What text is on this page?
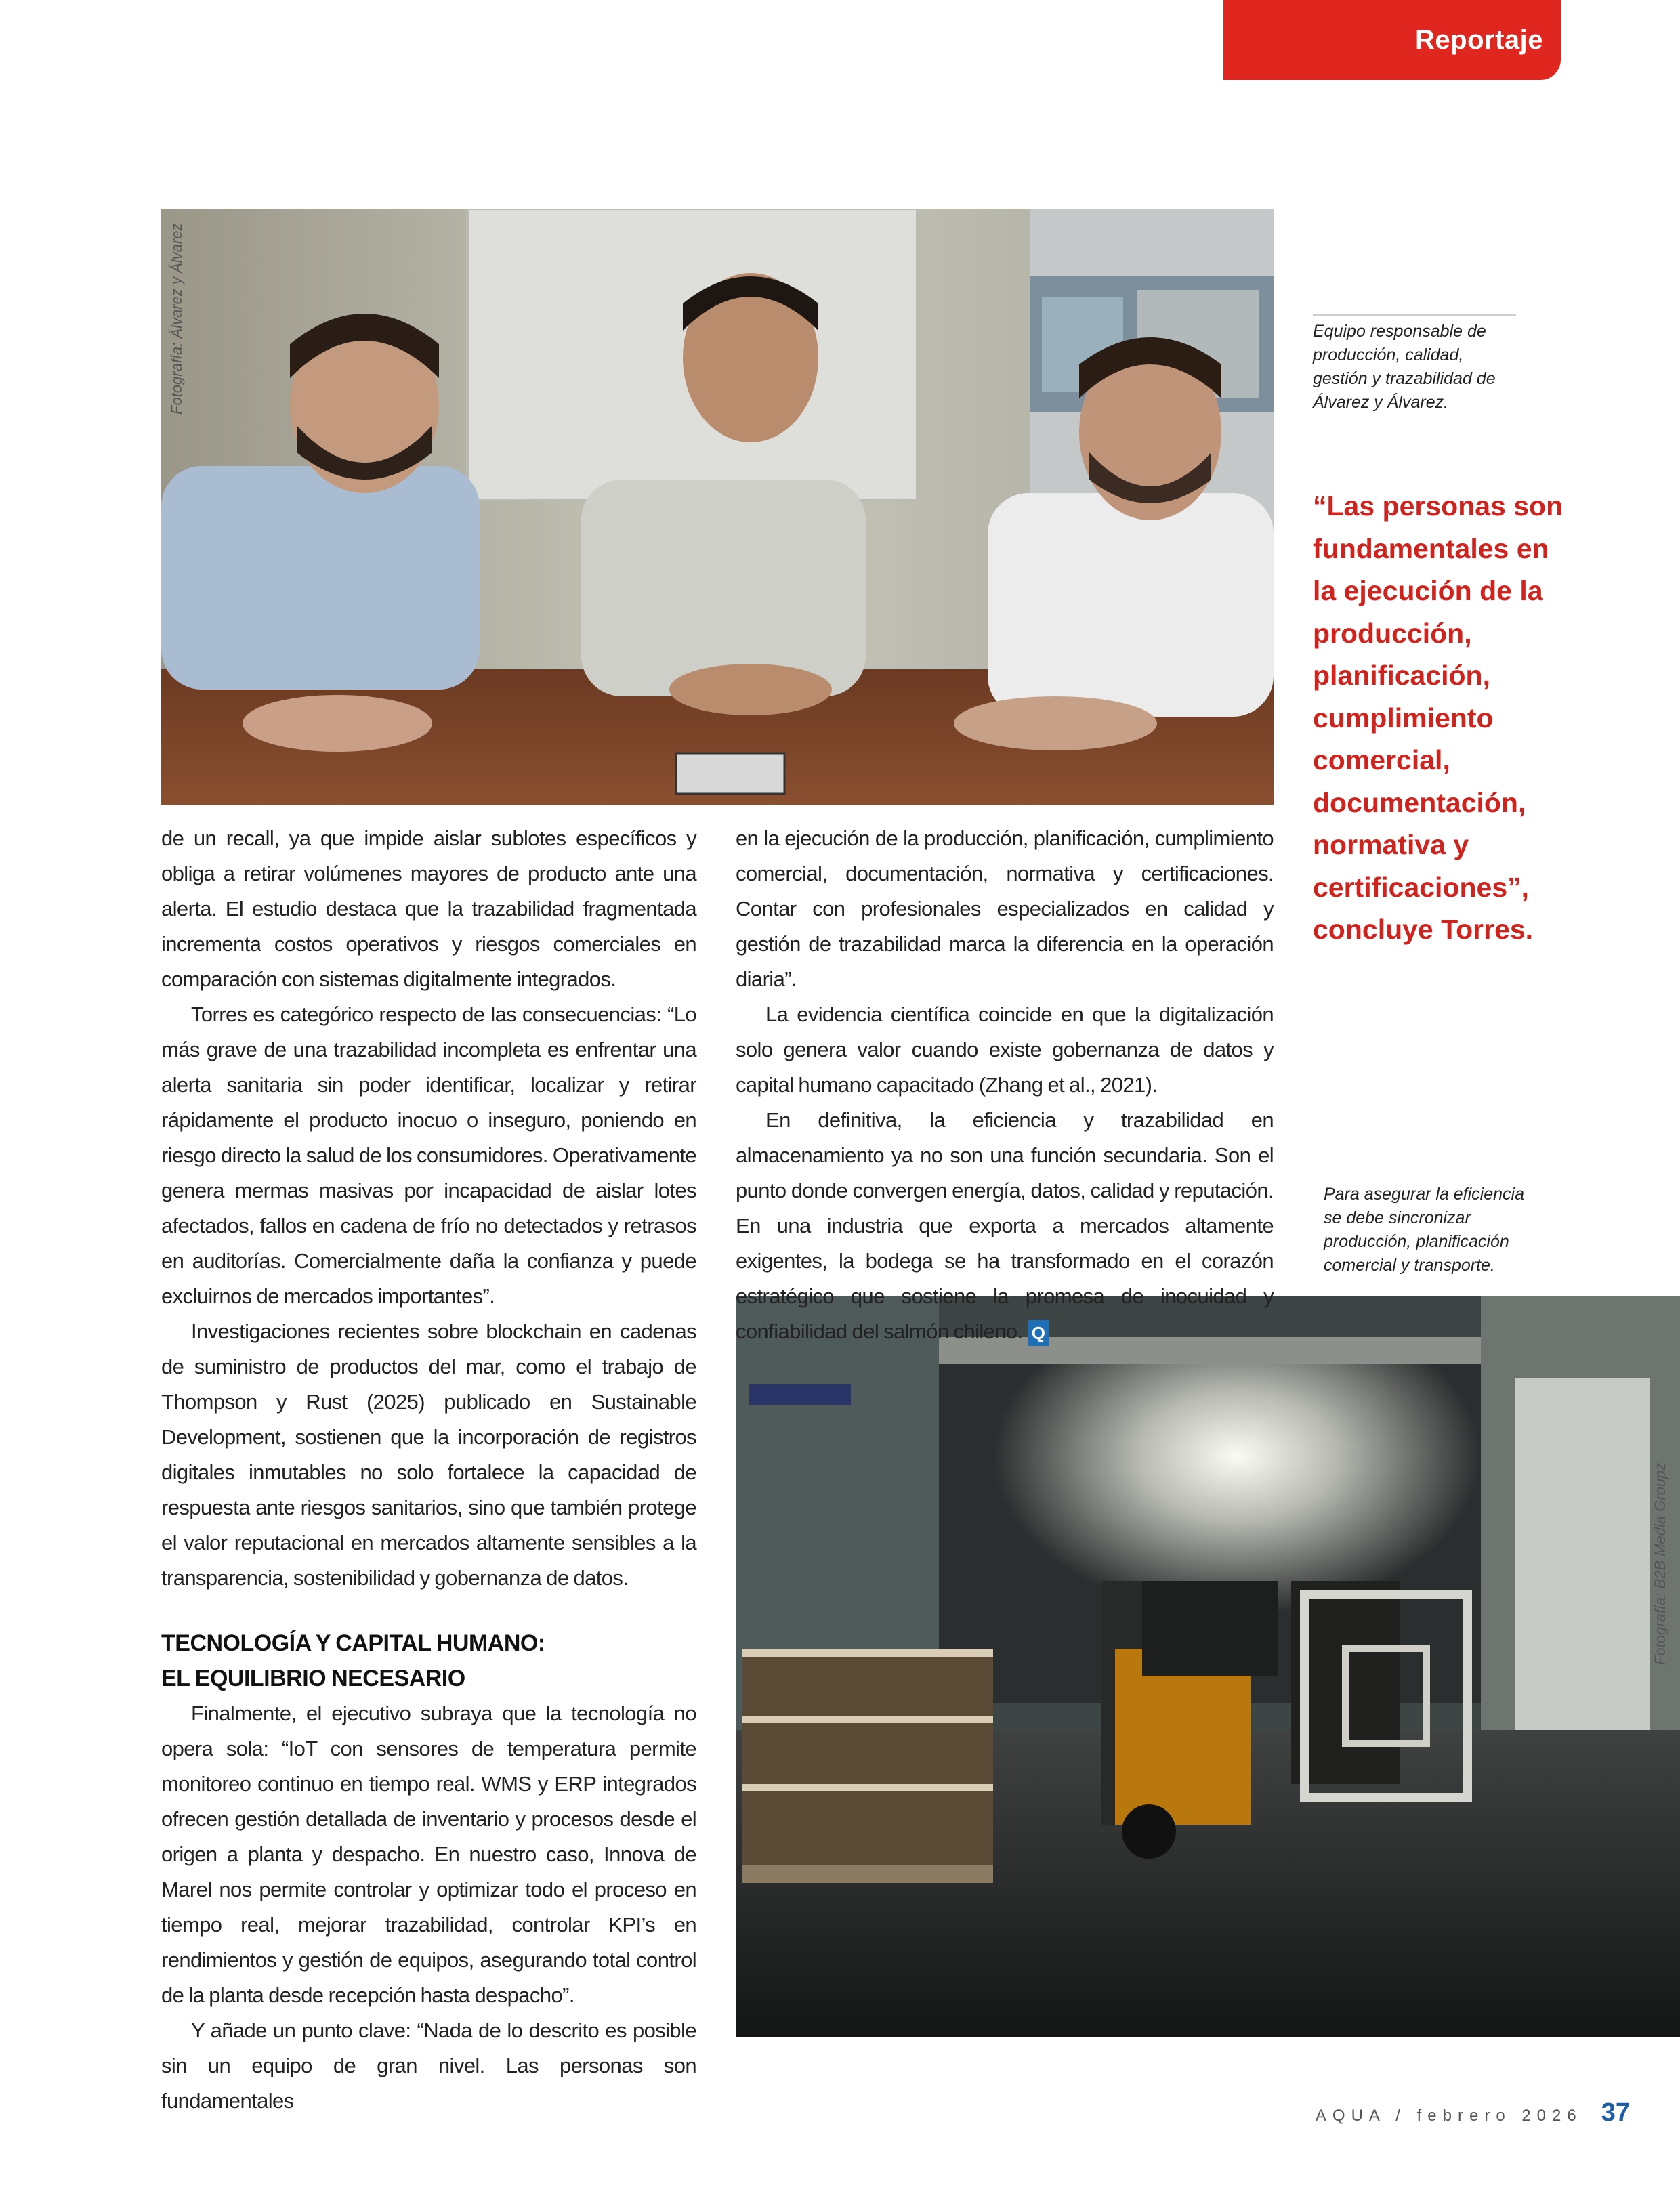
Reportaje
Fotografía: Álvarez y Álvarez	Equipo responsable de producción, calidad, gestión y trazabilidad de Álvarez y Álvarez.
“Las personas son fundamentales en la ejecución de la producción, planificación, cumplimiento comercial, documentación, normativa y certificaciones”, concluye Torres.
Para asegurar la eficiencia se debe sincronizar producción, planificación comercial y transporte.
Fotografía: B2B Media Groupz

de un recall, ya que impide aislar sublotes específicos y obliga a retirar volúmenes mayores de producto ante una alerta. El estudio destaca que la trazabilidad fragmentada incrementa costos operativos y riesgos comerciales en comparación con sistemas digitalmente integrados.

Torres es categórico respecto de las consecuencias: “Lo más grave de una trazabilidad incompleta es enfrentar una alerta sanitaria sin poder identificar, localizar y retirar rápidamente el producto inocuo o inseguro, poniendo en riesgo directo la salud de los consumidores. Operativamente genera mermas masivas por incapacidad de aislar lotes afectados, fallos en cadena de frío no detectados y retrasos en auditorías. Comercialmente daña la confianza y puede excluirnos de mercados importantes”.

Investigaciones recientes sobre blockchain en cadenas de suministro de productos del mar, como el trabajo de Thompson y Rust (2025) publicado en Sustainable Development, sostienen que la incorporación de registros digitales inmutables no solo fortalece la capacidad de respuesta ante riesgos sanitarios, sino que también protege el valor reputacional en mercados altamente sensibles a la transparencia, sostenibilidad y gobernanza de datos.

TECNOLOGÍA Y CAPITAL HUMANO:
EL EQUILIBRIO NECESARIO

Finalmente, el ejecutivo subraya que la tecnología no opera sola: “IoT con sensores de temperatura permite monitoreo continuo en tiempo real. WMS y ERP integrados ofrecen gestión detallada de inventario y procesos desde el origen a planta y despacho. En nuestro caso, Innova de Marel nos permite controlar y optimizar todo el proceso en tiempo real, mejorar trazabilidad, controlar KPI’s en rendimientos y gestión de equipos, asegurando total control de la planta desde recepción hasta despacho”.

Y añade un punto clave: “Nada de lo descrito es posible sin un equipo de gran nivel. Las personas son fundamentales

en la ejecución de la producción, planificación, cumplimiento comercial, documentación, normativa y certificaciones. Contar con profesionales especializados en calidad y gestión de trazabilidad marca la diferencia en la operación diaria”.

La evidencia científica coincide en que la digitalización solo genera valor cuando existe gobernanza de datos y capital humano capacitado (Zhang et al., 2021).

En definitiva, la eficiencia y trazabilidad en almacenamiento ya no son una función secundaria. Son el punto donde convergen energía, datos, calidad y reputación. En una industria que exporta a mercados altamente exigentes, la bodega se ha transformado en el corazón estratégico que sostiene la promesa de inocuidad y confiabilidad del salmón chileno. Q

AQUA / febrero 2026 37
